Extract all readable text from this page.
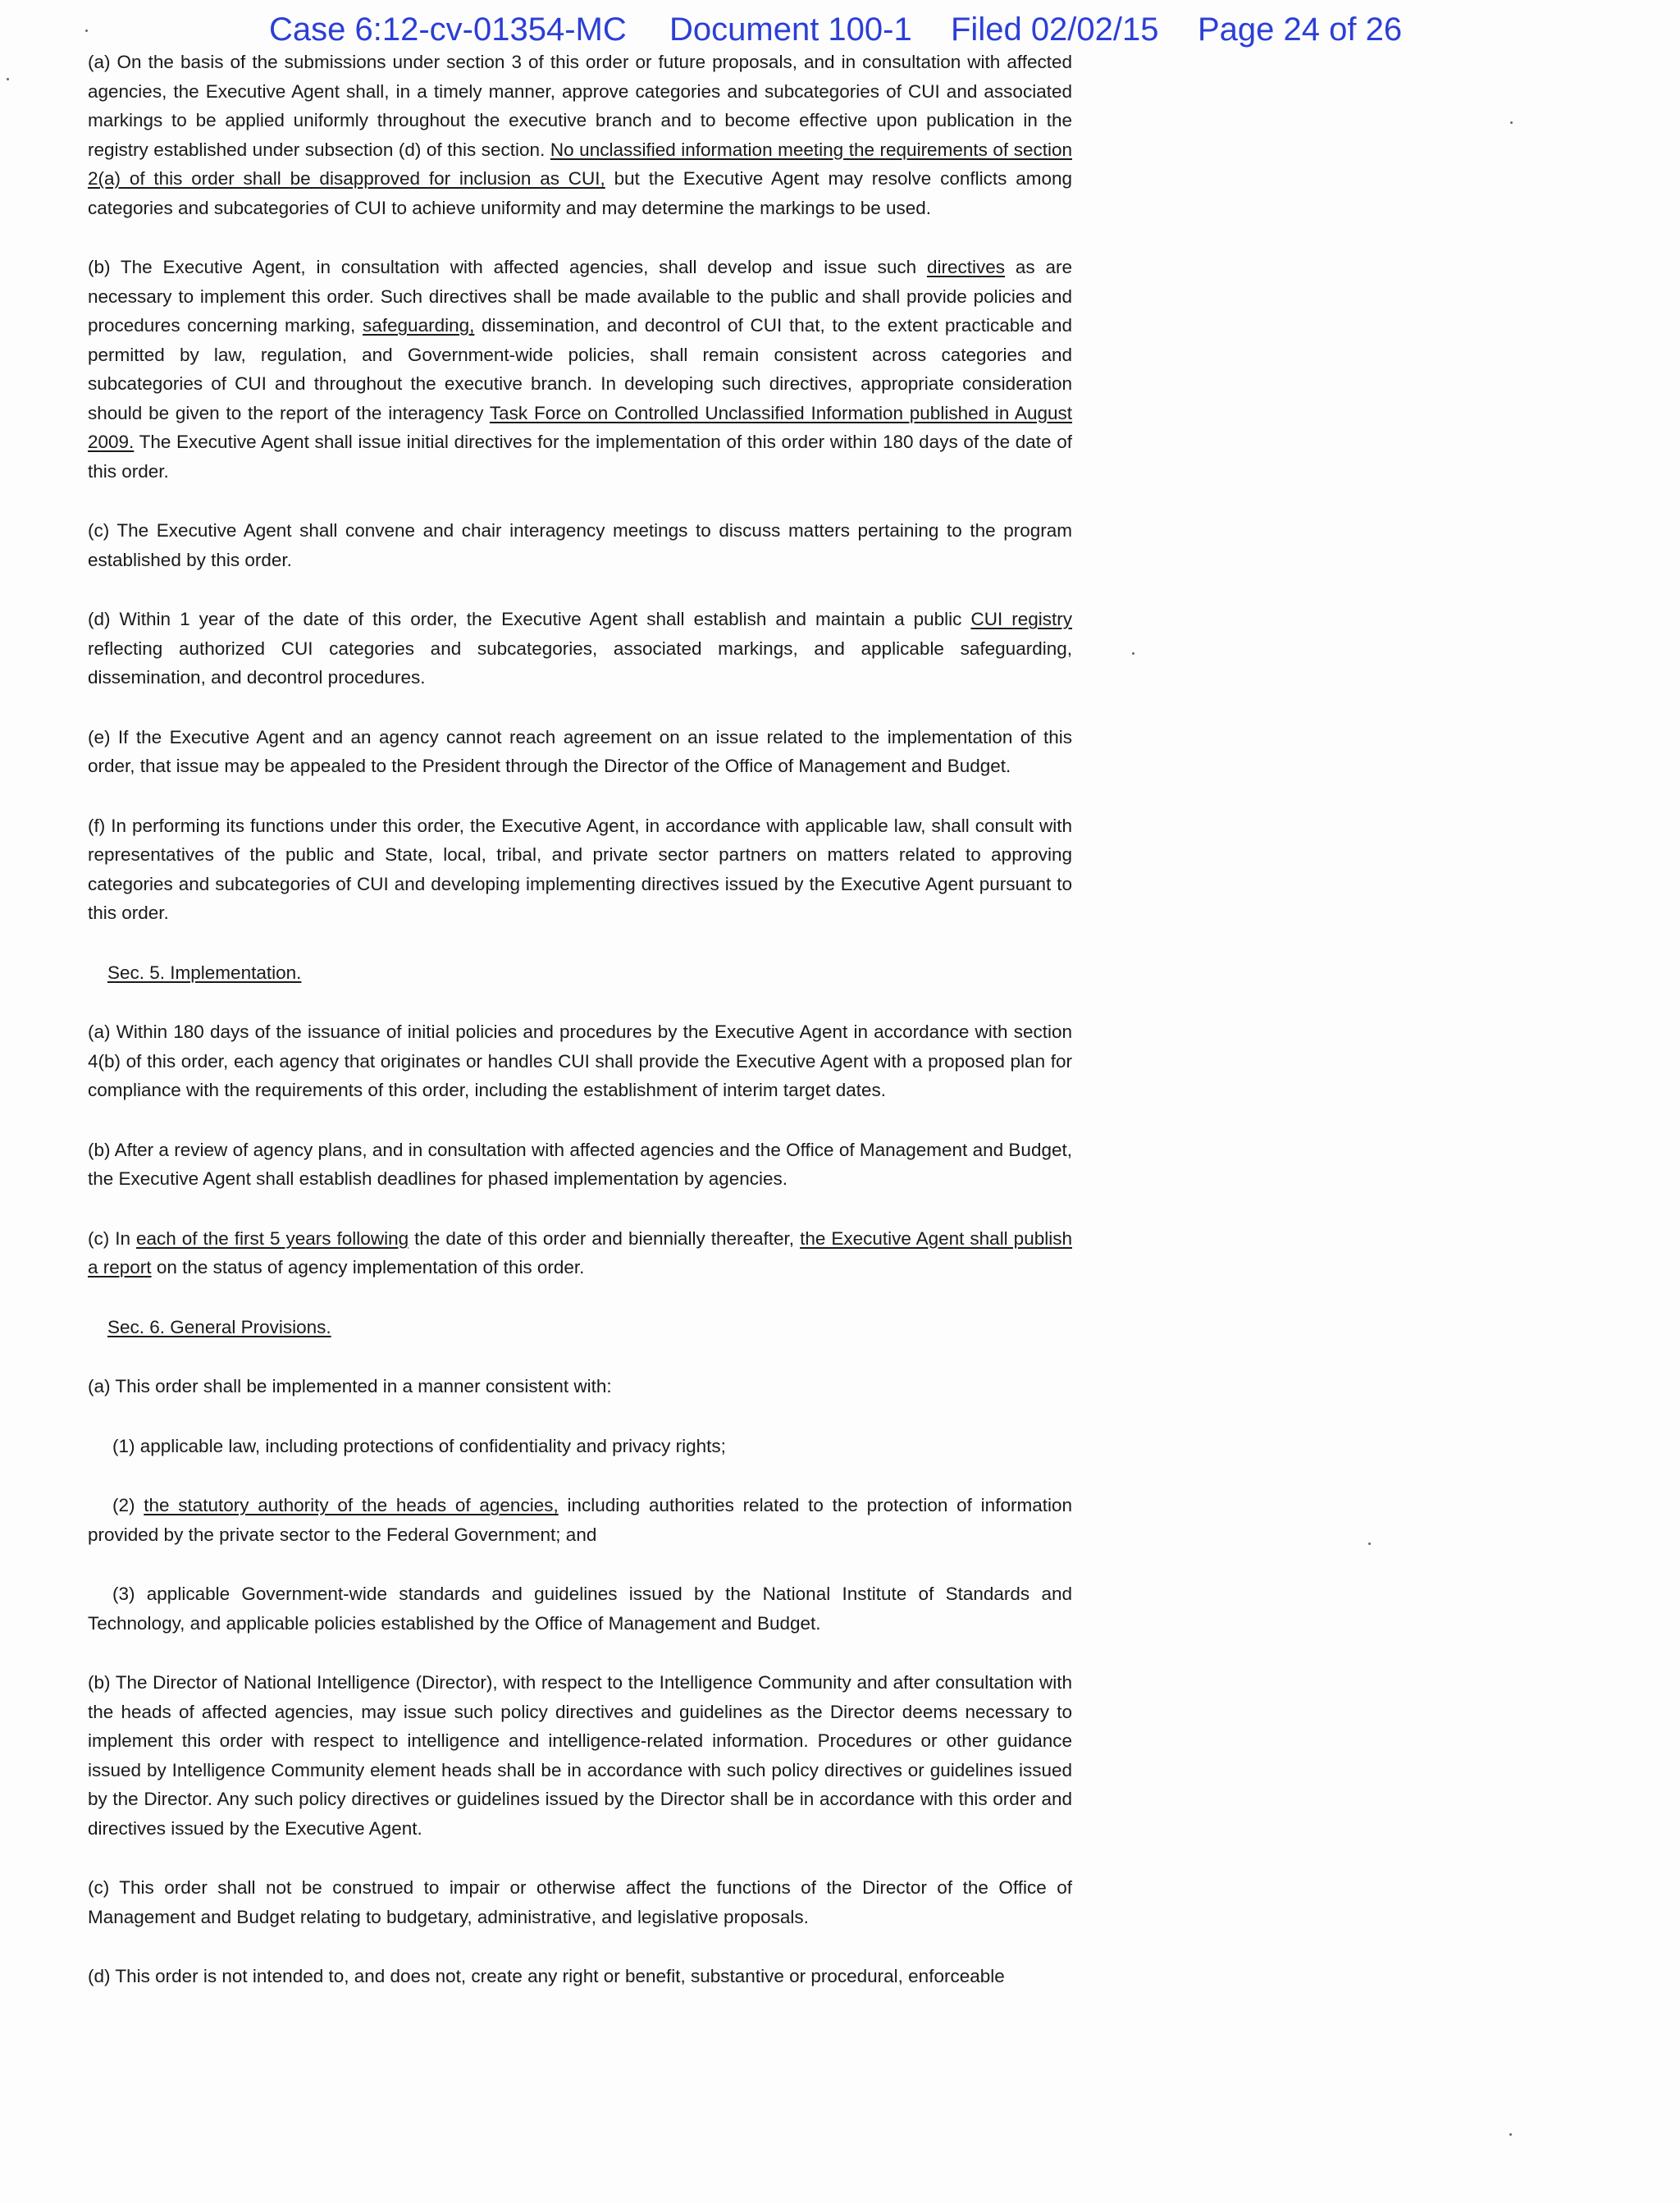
Case 6:12-cv-01354-MC Document 100-1 Filed 02/02/15 Page 24 of 26

(a) On the basis of the submissions under section 3 of this order or future proposals, and in consultation with affected agencies, the Executive Agent shall, in a timely manner, approve categories and subcategories of CUI and associated markings to be applied uniformly throughout the executive branch and to become effective upon publication in the registry established under subsection (d) of this section. No unclassified information meeting the requirements of section 2(a) of this order shall be disapproved for inclusion as CUI, but the Executive Agent may resolve conflicts among categories and subcategories of CUI to achieve uniformity and may determine the markings to be used.

(b) The Executive Agent, in consultation with affected agencies, shall develop and issue such directives as are necessary to implement this order. Such directives shall be made available to the public and shall provide policies and procedures concerning marking, safeguarding, dissemination, and decontrol of CUI that, to the extent practicable and permitted by law, regulation, and Government-wide policies, shall remain consistent across categories and subcategories of CUI and throughout the executive branch. In developing such directives, appropriate consideration should be given to the report of the interagency Task Force on Controlled Unclassified Information published in August 2009. The Executive Agent shall issue initial directives for the implementation of this order within 180 days of the date of this order.

(c) The Executive Agent shall convene and chair interagency meetings to discuss matters pertaining to the program established by this order.

(d) Within 1 year of the date of this order, the Executive Agent shall establish and maintain a public CUI registry reflecting authorized CUI categories and subcategories, associated markings, and applicable safeguarding, dissemination, and decontrol procedures.

(e) If the Executive Agent and an agency cannot reach agreement on an issue related to the implementation of this order, that issue may be appealed to the President through the Director of the Office of Management and Budget.

(f) In performing its functions under this order, the Executive Agent, in accordance with applicable law, shall consult with representatives of the public and State, local, tribal, and private sector partners on matters related to approving categories and subcategories of CUI and developing implementing directives issued by the Executive Agent pursuant to this order.

Sec. 5. Implementation.

(a) Within 180 days of the issuance of initial policies and procedures by the Executive Agent in accordance with section 4(b) of this order, each agency that originates or handles CUI shall provide the Executive Agent with a proposed plan for compliance with the requirements of this order, including the establishment of interim target dates.

(b) After a review of agency plans, and in consultation with affected agencies and the Office of Management and Budget, the Executive Agent shall establish deadlines for phased implementation by agencies.

(c) In each of the first 5 years following the date of this order and biennially thereafter, the Executive Agent shall publish a report on the status of agency implementation of this order.

Sec. 6. General Provisions.

(a) This order shall be implemented in a manner consistent with:

(1) applicable law, including protections of confidentiality and privacy rights;

(2) the statutory authority of the heads of agencies, including authorities related to the protection of information provided by the private sector to the Federal Government; and

(3) applicable Government-wide standards and guidelines issued by the National Institute of Standards and Technology, and applicable policies established by the Office of Management and Budget.

(b) The Director of National Intelligence (Director), with respect to the Intelligence Community and after consultation with the heads of affected agencies, may issue such policy directives and guidelines as the Director deems necessary to implement this order with respect to intelligence and intelligence-related information. Procedures or other guidance issued by Intelligence Community element heads shall be in accordance with such policy directives or guidelines issued by the Director. Any such policy directives or guidelines issued by the Director shall be in accordance with this order and directives issued by the Executive Agent.

(c) This order shall not be construed to impair or otherwise affect the functions of the Director of the Office of Management and Budget relating to budgetary, administrative, and legislative proposals.

(d) This order is not intended to, and does not, create any right or benefit, substantive or procedural, enforceable
